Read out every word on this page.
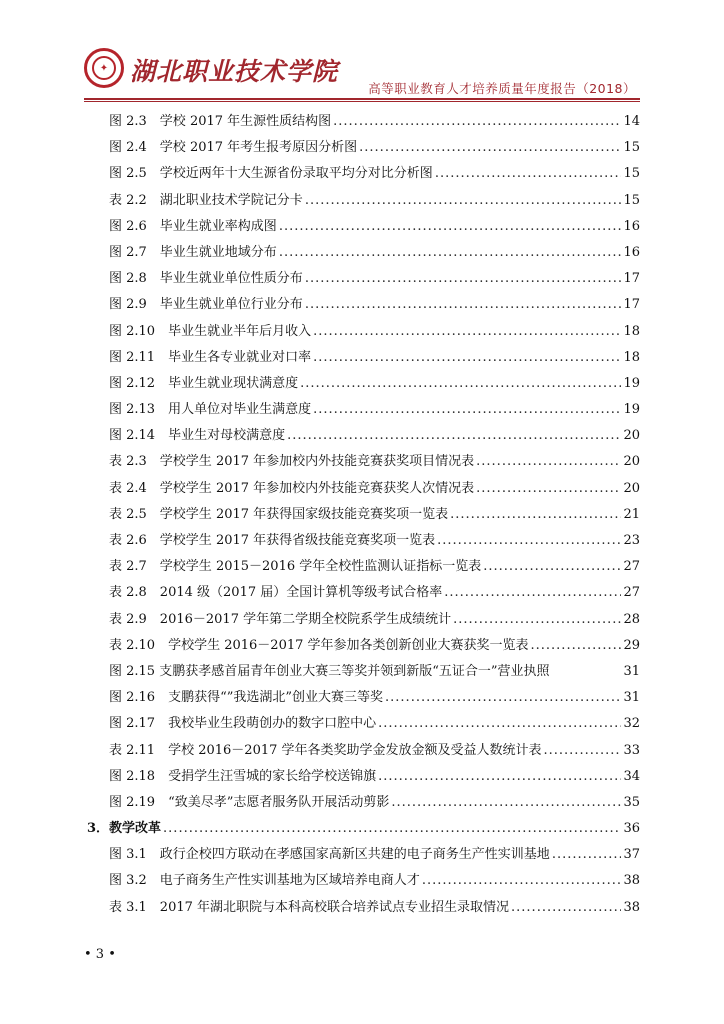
✦ 湖北职业技术学院
高等职业教育人才培养质量年度报告（2018）
图 2.3　学校 2017 年生源性质结构图 .....	14
图 2.4　学校 2017 年考生报考原因分析图 .....	15
图 2.5　学校近两年十大生源省份录取平均分对比分析图 .....	15
表 2.2　湖北职业技术学院记分卡 .....	15
图 2.6　毕业生就业率构成图 .....	16
图 2.7　毕业生就业地域分布 .....	16
图 2.8　毕业生就业单位性质分布 .....	17
图 2.9　毕业生就业单位行业分布 .....	17
图 2.10　毕业生就业半年后月收入 .....	18
图 2.11　毕业生各专业就业对口率 .....	18
图 2.12　毕业生就业现状满意度 .....	19
图 2.13　用人单位对毕业生满意度 .....	19
图 2.14　毕业生对母校满意度 .....	20
表 2.3　学校学生 2017 年参加校内外技能竞赛获奖项目情况表 .....	20
表 2.4　学校学生 2017 年参加校内外技能竞赛获奖人次情况表 .....	20
表 2.5　学校学生 2017 年获得国家级技能竞赛奖项一览表 .....	21
表 2.6　学校学生 2017 年获得省级技能竞赛奖项一览表 .....	23
表 2.7　学校学生 2015－2016 学年全校性监测认证指标一览表 .....	27
表 2.8　2014 级（2017 届）全国计算机等级考试合格率 .....	27
表 2.9　2016－2017 学年第二学期全校院系学生成绩统计 .....	28
表 2.10　学校学生 2016－2017 学年参加各类创新创业大赛获奖一览表 .....	29
图 2.15 支鹏获孝感首届青年创业大赛三等奖并领到新版“五证合一”营业执照	31
图 2.16　支鹏获得“”我选湖北”创业大赛三等奖 .....	31
图 2.17　我校毕业生段萌创办的数字口腔中心 .....	32
表 2.11　学校 2016－2017 学年各类奖助学金发放金额及受益人数统计表 .....	33
图 2.18　受捐学生汪雪城的家长给学校送锦旗 .....	34
图 2.19　“致美尽孝”志愿者服务队开展活动剪影 .....	35
3．教学改革 .....	36
图 3.1　政行企校四方联动在孝感国家高新区共建的电子商务生产性实训基地 .....	37
图 3.2　电子商务生产性实训基地为区域培养电商人才 .....	38
表 3.1　2017 年湖北职院与本科高校联合培养试点专业招生录取情况 .....	38
• 3 •
